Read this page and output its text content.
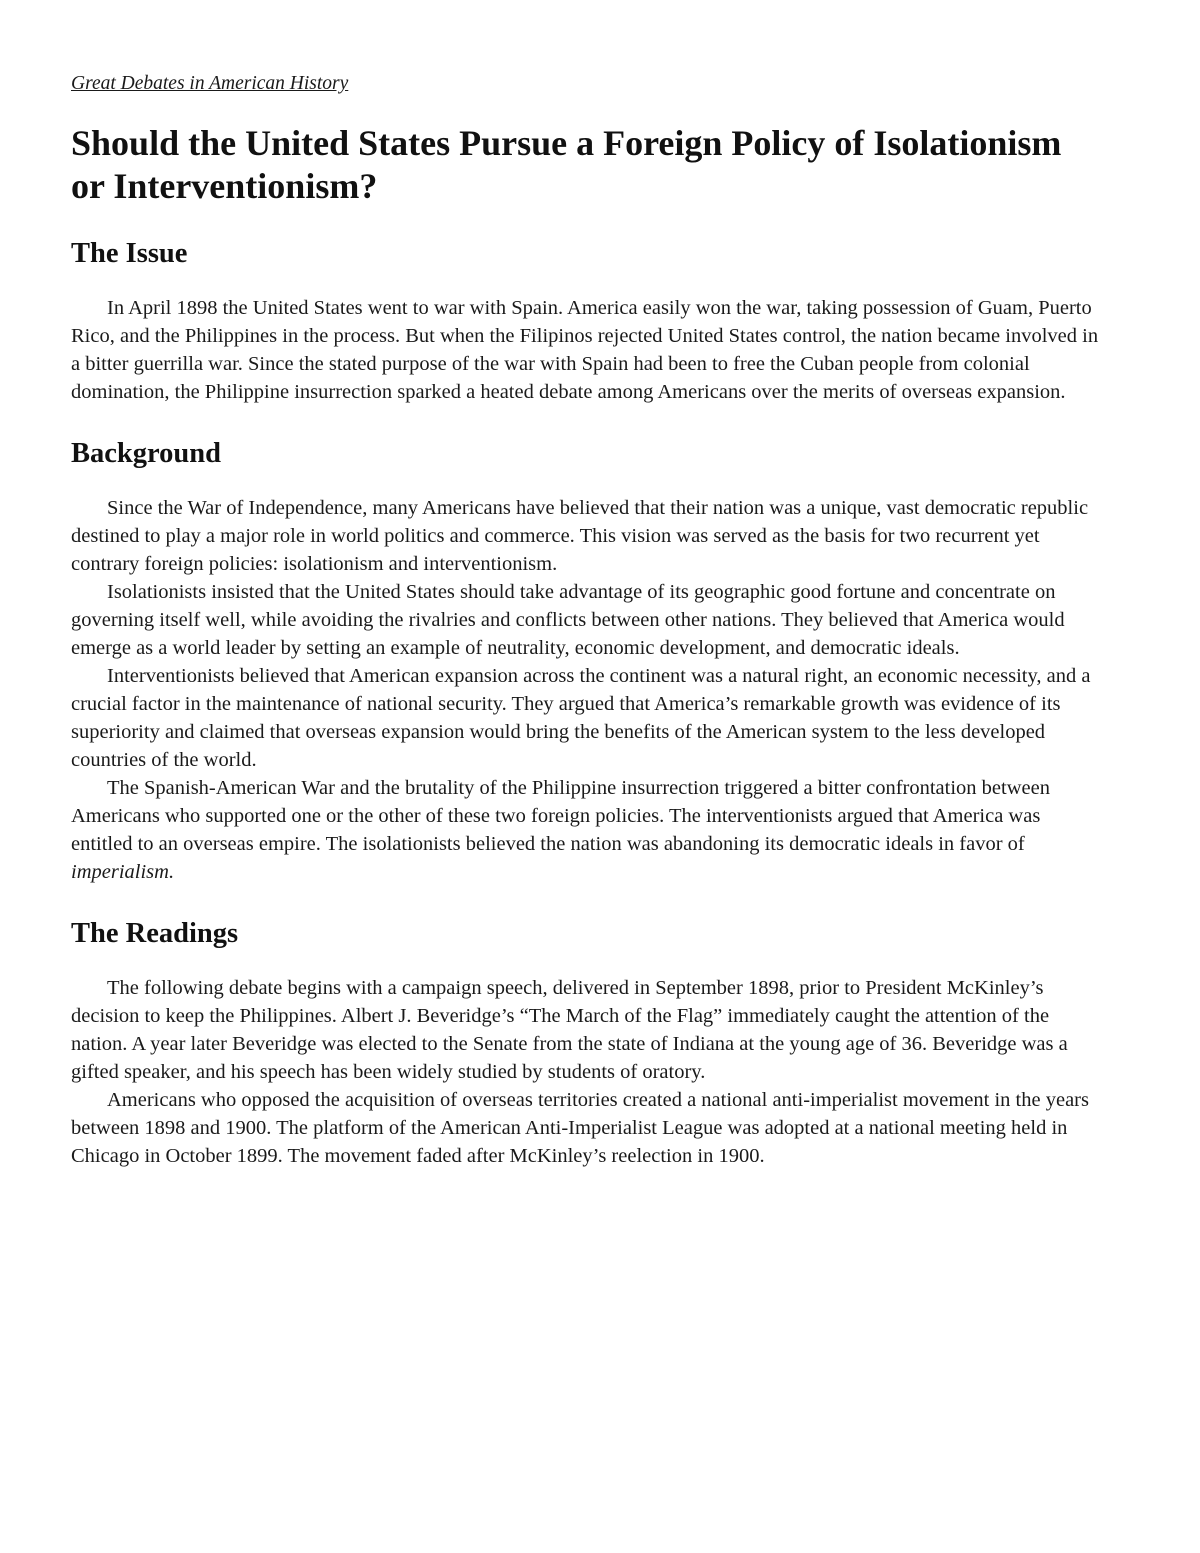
Great Debates in American History

Should the United States Pursue a Foreign Policy of Isolationism or Interventionism?
The Issue

In April 1898 the United States went to war with Spain. America easily won the war, taking possession of Guam, Puerto Rico, and the Philippines in the process. But when the Filipinos rejected United States control, the nation became involved in a bitter guerrilla war. Since the stated purpose of the war with Spain had been to free the Cuban people from colonial domination, the Philippine insurrection sparked a heated debate among Americans over the merits of overseas expansion.

Background

Since the War of Independence, many Americans have believed that their nation was a unique, vast democratic republic destined to play a major role in world politics and commerce. This vision was served as the basis for two recurrent yet contrary foreign policies: isolationism and interventionism.

Isolationists insisted that the United States should take advantage of its geographic good fortune and concentrate on governing itself well, while avoiding the rivalries and conflicts between other nations. They believed that America would emerge as a world leader by setting an example of neutrality, economic development, and democratic ideals.

Interventionists believed that American expansion across the continent was a natural right, an economic necessity, and a crucial factor in the maintenance of national security. They argued that America’s remarkable growth was evidence of its superiority and claimed that overseas expansion would bring the benefits of the American system to the less developed countries of the world.

The Spanish-American War and the brutality of the Philippine insurrection triggered a bitter confrontation between Americans who supported one or the other of these two foreign policies. The interventionists argued that America was entitled to an overseas empire. The isolationists believed the nation was abandoning its democratic ideals in favor of imperialism.

The Readings

The following debate begins with a campaign speech, delivered in September 1898, prior to President McKinley’s decision to keep the Philippines. Albert J. Beveridge’s “The March of the Flag” immediately caught the attention of the nation. A year later Beveridge was elected to the Senate from the state of Indiana at the young age of 36. Beveridge was a gifted speaker, and his speech has been widely studied by students of oratory.

Americans who opposed the acquisition of overseas territories created a national anti-imperialist movement in the years between 1898 and 1900. The platform of the American Anti-Imperialist League was adopted at a national meeting held in Chicago in October 1899. The movement faded after McKinley’s reelection in 1900.
